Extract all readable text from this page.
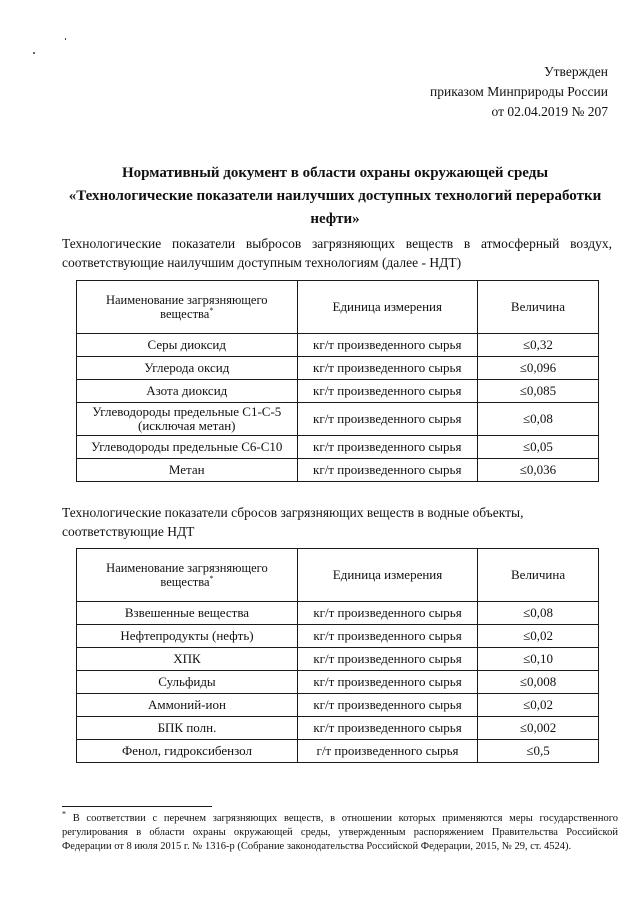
Утвержден
приказом Минприроды России
от 02.04.2019 № 207
Нормативный документ в области охраны окружающей среды
«Технологические показатели наилучших доступных технологий переработки
нефти»
Технологические показатели выбросов загрязняющих веществ в атмосферный воздух, соответствующие наилучшим доступным технологиям (далее - НДТ)
Наименование загрязняющего вещества*	Единица измерения	Величина
Серы диоксид	кг/т произведенного сырья	≤0,32
Углерода оксид	кг/т произведенного сырья	≤0,096
Азота диоксид	кг/т произведенного сырья	≤0,085
Углеводороды предельные С1-С-5 (исключая метан)	кг/т произведенного сырья	≤0,08
Углеводороды предельные С6-С10	кг/т произведенного сырья	≤0,05
Метан	кг/т произведенного сырья	≤0,036
Технологические показатели сбросов загрязняющих веществ в водные объекты, соответствующие НДТ
Наименование загрязняющего вещества*	Единица измерения	Величина
Взвешенные вещества	кг/т произведенного сырья	≤0,08
Нефтепродукты (нефть)	кг/т произведенного сырья	≤0,02
ХПК	кг/т произведенного сырья	≤0,10
Сульфиды	кг/т произведенного сырья	≤0,008
Аммоний-ион	кг/т произведенного сырья	≤0,02
БПК полн.	кг/т произведенного сырья	≤0,002
Фенол, гидроксибензол	г/т произведенного сырья	≤0,5
* В соответствии с перечнем загрязняющих веществ, в отношении которых применяются меры государственного регулирования в области охраны окружающей среды, утвержденным распоряжением Правительства Российской Федерации от 8 июля 2015 г. № 1316-р (Собрание законодательства Российской Федерации, 2015, № 29, ст. 4524).
